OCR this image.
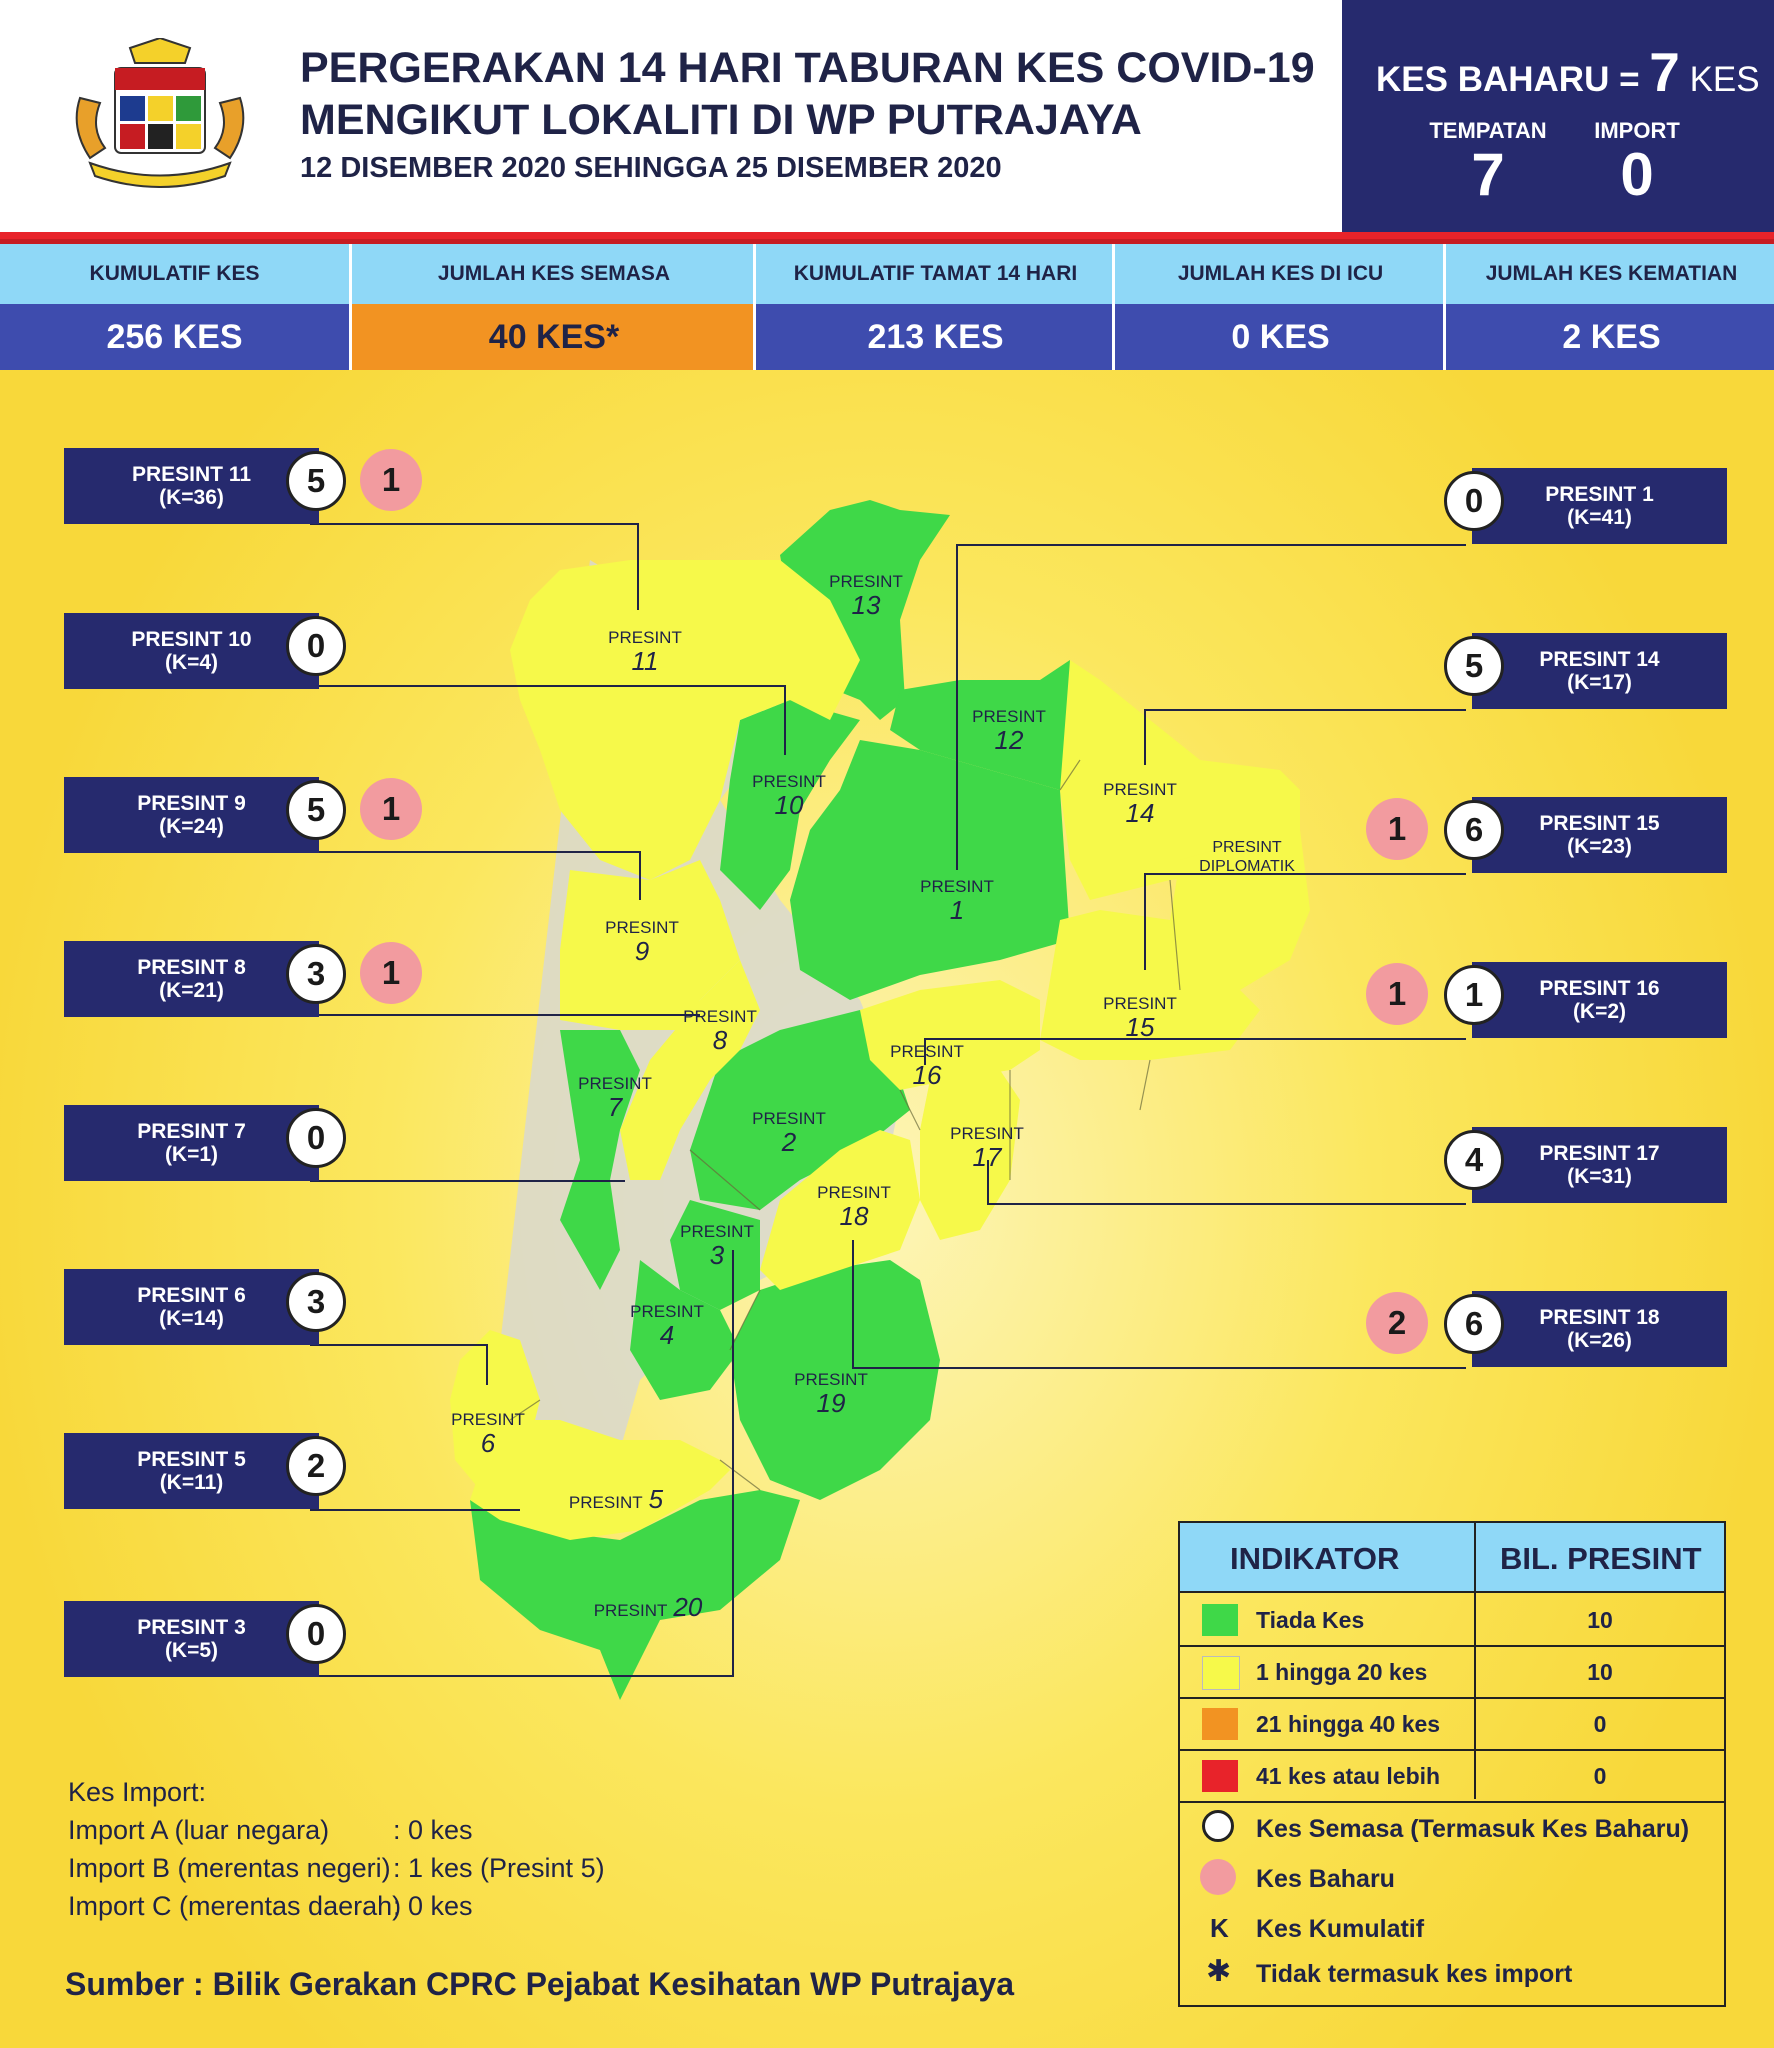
PERGERAKAN 14 HARI TABURAN KES COVID-19
MENGIKUT LOKALITI DI WP PUTRAJAYA
12 DISEMBER 2020 SEHINGGA 25 DISEMBER 2020
KES BAHARU = 7 KES
TEMPATAN
7
IMPORT
0
KUMULATIF KES
256 KES
JUMLAH KES SEMASA
40 KES*
KUMULATIF TAMAT 14 HARI
213 KES
JUMLAH KES DI ICU
0 KES
JUMLAH KES KEMATIAN
2 KES
PRESINT
11
PRESINT
13
PRESINT
12
PRESINT
10
PRESINT
14
PRESINT
1
PRESINT
9
PRESINT
8
PRESINT
15
PRESINT
16
PRESINT
7	PRESINT
2	PRESINT
17
PRESINT
18
PRESINT
3
PRESINT
4
PRESINT
19
PRESINT
6
PRESINT 5
PRESINT 20
PRESINT DIPLOMATIK
PRESINT 11
(K=36)	5	1
PRESINT 10
(K=4)	0
PRESINT 9
(K=24)	5	1
PRESINT 8
(K=21)	3	1
PRESINT 7
(K=1)	0
PRESINT 6
(K=14)	3
PRESINT 5
(K=11)	2
PRESINT 3
(K=5)	0
PRESINT 1
(K=41)
0
PRESINT 14
(K=17)
5
PRESINT 15
(K=23)
6
1
PRESINT 16
(K=2)
1
1
PRESINT 17
(K=31)
4
PRESINT 18
(K=26)
6
2
INDIKATOR	BIL. PRESINT
Tiada Kes	10
1 hingga 20 kes	10
21 hingga 40 kes	0
41 kes atau lebih	0
Kes Semasa (Termasuk Kes Baharu)
Kes Baharu
K Kes Kumulatif
✱ Tidak termasuk kes import
Kes Import:
Import A (luar negara) : 0 kes
Import B (merentas negeri) : 1 kes (Presint 5)
Import C (merentas daerah)
: 0 kes
Sumber : Bilik Gerakan CPRC Pejabat Kesihatan WP Putrajaya
